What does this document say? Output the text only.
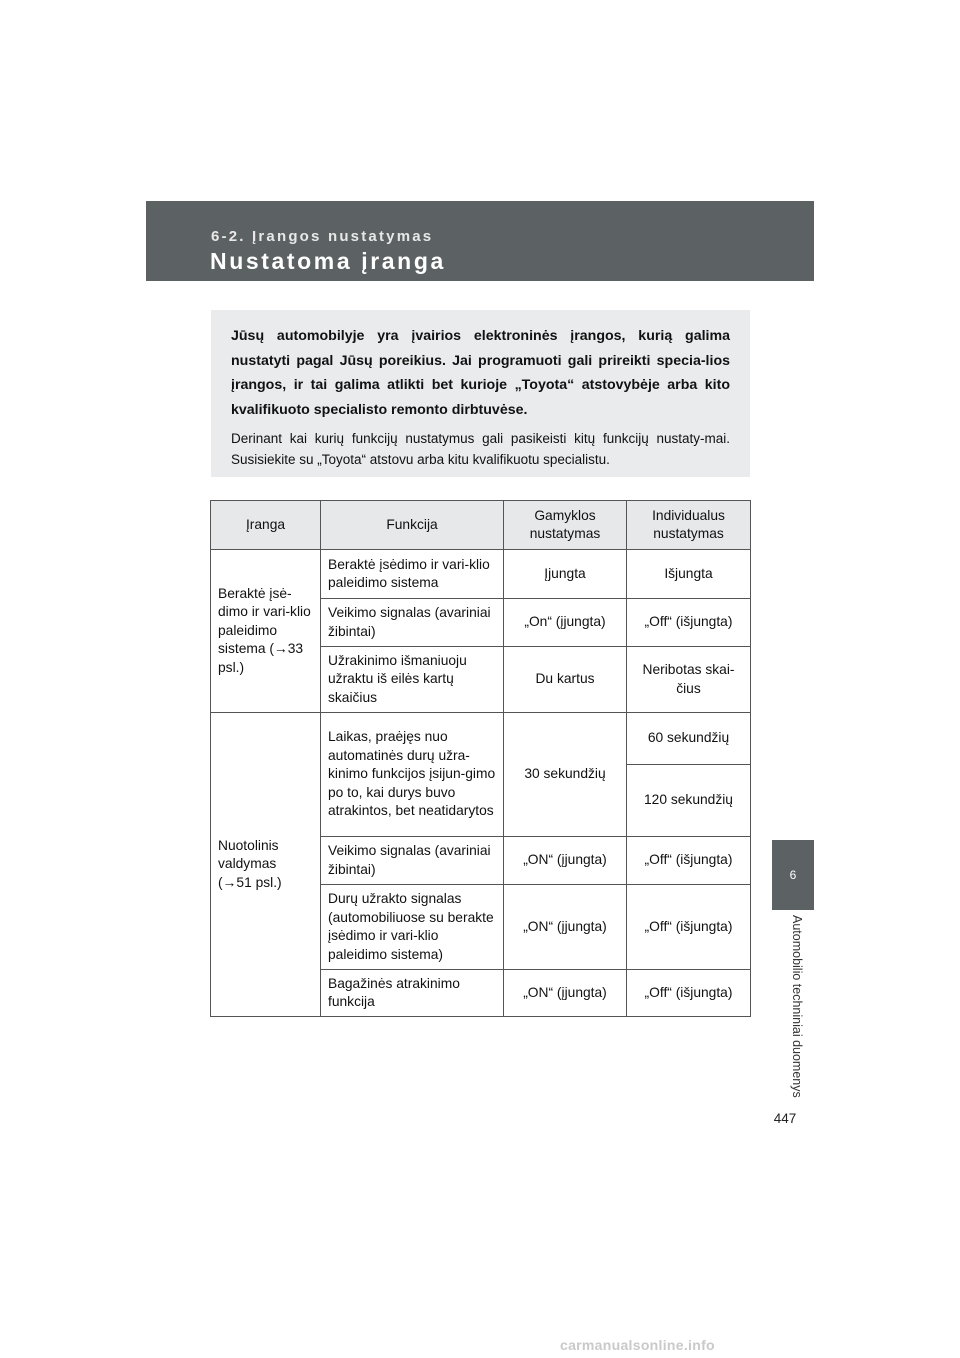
6-2. Įrangos nustatymas
Nustatoma įranga

Jūsų automobilyje yra įvairios elektroninės įrangos, kurią galima nustatyti pagal Jūsų poreikius. Jai programuoti gali prireikti specia-lios įrangos, ir tai galima atlikti bet kurioje „Toyota“ atstovybėje arba kito kvalifikuoto specialisto remonto dirbtuvėse.

Derinant kai kurių funkcijų nustatymus gali pasikeisti kitų funkcijų nustaty-mai. Susisiekite su „Toyota“ atstovu arba kitu kvalifikuotu specialistu.

Įranga	Funkcija	Gamyklos nustatymas	Individualus nustatymas
Beraktė įsė-dimo ir vari-klio paleidimo sistema (→33 psl.)	Beraktė įsėdimo ir vari-klio paleidimo sistema	Įjungta	Išjungta
	Veikimo signalas (avariniai žibintai)	„On“ (įjungta)	„Off“ (išjungta)
	Užrakinimo išmaniuoju užraktu iš eilės kartų skaičius	Du kartus	Neribotas skai-čius
Nuotolinis valdymas (→51 psl.)	Laikas, praėjęs nuo automatinės durų užra-kinimo funkcijos įsijun-gimo po to, kai durys buvo atrakintos, bet neatidarytos	30 sekundžių	60 sekundžių
			120 sekundžių
	Veikimo signalas (avariniai žibintai)	„ON“ (įjungta)	„Off“ (išjungta)
	Durų užrakto signalas (automobiliuose su berakte įsėdimo ir vari-klio paleidimo sistema)	„ON“ (įjungta)	„Off“ (išjungta)
	Bagažinės atrakinimo funkcija	„ON“ (įjungta)	„Off“ (išjungta)
6
Automobilio techniniai duomenys
447
carmanualsonline.info
